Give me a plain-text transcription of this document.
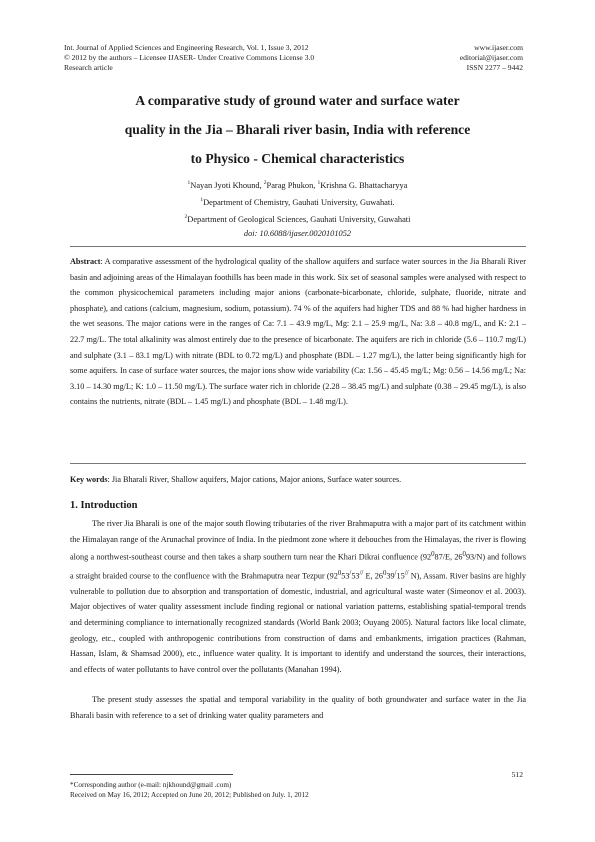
Int. Journal of Applied Sciences and Engineering Research, Vol. 1, Issue 3, 2012
© 2012 by the authors – Licensee IJASER- Under Creative Commons License 3.0
Research article
www.ijaser.com
editorial@ijaser.com
ISSN 2277 – 9442
A comparative study of ground water and surface water
quality in the Jia – Bharali river basin, India with reference
to Physico - Chemical characteristics
$^1$Nayan Jyoti Khound, $^2$Parag Phukon, $^1$Krishna G. Bhattacharyya
$^1$Department of Chemistry, Gauhati University, Guwahati.
$^2$Department of Geological Sciences, Gauhati University, Guwahati
doi: 10.6088/ijaser.0020101052
Abstract: A comparative assessment of the hydrological quality of the shallow aquifers and surface water sources in the Jia Bharali River basin and adjoining areas of the Himalayan foothills has been made in this work. Six set of seasonal samples were analysed with respect to the common physicochemical parameters including major anions (carbonate-bicarbonate, chloride, sulphate, fluoride, nitrate and phosphate), and cations (calcium, magnesium, sodium, potassium). 74 % of the aquifers had higher TDS and 88 % had higher hardness in the wet seasons. The major cations were in the ranges of Ca: 7.1 – 43.9 mg/L, Mg: 2.1 – 25.9 mg/L, Na: 3.8 – 40.8 mg/L, and K: 2.1 – 22.7 mg/L. The total alkalinity was almost entirely due to the presence of bicarbonate. The aquifers are rich in chloride (5.6 – 110.7 mg/L) and sulphate (3.1 – 83.1 mg/L) with nitrate (BDL to 0.72 mg/L) and phosphate (BDL – 1.27 mg/L), the latter being significantly high for some aquifers. In case of surface water sources, the major ions show wide variability (Ca: 1.56 – 45.45 mg/L; Mg: 0.56 – 14.56 mg/L; Na: 3.10 – 14.30 mg/L; K: 1.0 – 11.50 mg/L). The surface water rich in chloride (2.28 – 38.45 mg/L) and sulphate (0.38 – 29.45 mg/L), is also contains the nutrients, nitrate (BDL – 1.45 mg/L) and phosphate (BDL – 1.48 mg/L).
Key words: Jia Bharali River, Shallow aquifers, Major cations, Major anions, Surface water sources.
1. Introduction

The river Jia Bharali is one of the major south flowing tributaries of the river Brahmaputra with a major part of its catchment within the Himalayan range of the Arunachal province of India. In the piedmont zone where it debouches from the Himalayas, the river is flowing along a northwest-southeast course and then takes a sharp southern turn near the Khari Dikrai confluence ($92^087/E$, $26^093/N$) and follows a straight braided course to the confluence with the Brahmaputra near Tezpur ($92^053^/53^{//}$ E, $26^039^/15^{//}$ N), Assam. River basins are highly vulnerable to pollution due to absorption and transportation of domestic, industrial, and agricultural waste water (Simeonov et al. 2003). Major objectives of water quality assessment include finding regional or national variation patterns, establishing spatial-temporal trends and determining compliance to internationally recognized standards (World Bank 2003; Ouyang 2005). Natural factors like local climate, geology, etc., coupled with anthropogenic contributions from construction of dams and embankments, irrigation practices (Rahman, Hassan, Islam, & Shamsad 2000), etc., influence water quality. It is important to identify and understand the sources, their interactions, and effects of water pollutants to have control over the pollutants (Manahan 1994).

The present study assesses the spatial and temporal variability in the quality of both groundwater and surface water in the Jia Bharali basin with reference to a set of drinking water quality parameters and

512
*Corresponding author (e-mail: njkhound@gmail .com)
Received on May 16, 2012; Accepted on June 20, 2012; Published on July. 1, 2012
